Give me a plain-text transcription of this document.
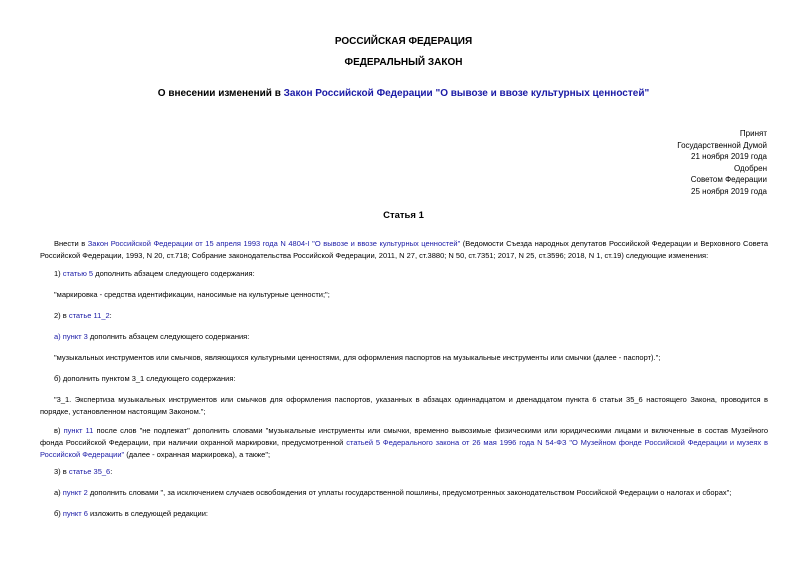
РОССИЙСКАЯ ФЕДЕРАЦИЯ
ФЕДЕРАЛЬНЫЙ ЗАКОН
О внесении изменений в Закон Российской Федерации "О вывозе и ввозе культурных ценностей"
Принят
Государственной Думой
21 ноября 2019 года
Одобрен
Советом Федерации
25 ноября 2019 года
Статья 1
Внести в Закон Российской Федерации от 15 апреля 1993 года N 4804-I "О вывозе и ввозе культурных ценностей" (Ведомости Съезда народных депутатов Российской Федерации и Верховного Совета Российской Федерации, 1993, N 20, ст.718; Собрание законодательства Российской Федерации, 2011, N 27, ст.3880; N 50, ст.7351; 2017, N 25, ст.3596; 2018, N 1, ст.19) следующие изменения:
1) статью 5 дополнить абзацем следующего содержания:
"маркировка - средства идентификации, наносимые на культурные ценности;";
2) в статье 11_2:
а) пункт 3 дополнить абзацем следующего содержания:
"музыкальных инструментов или смычков, являющихся культурными ценностями, для оформления паспортов на музыкальные инструменты или смычки (далее - паспорт).";
б) дополнить пунктом 3_1 следующего содержания:
"3_1. Экспертиза музыкальных инструментов или смычков для оформления паспортов, указанных в абзацах одиннадцатом и двенадцатом пункта 6 статьи 35_6 настоящего Закона, проводится в порядке, установленном настоящим Законом.";
в) пункт 11 после слов "не подлежат" дополнить словами "музыкальные инструменты или смычки, временно вывозимые физическими или юридическими лицами и включенные в состав Музейного фонда Российской Федерации, при наличии охранной маркировки, предусмотренной статьей 5 Федерального закона от 26 мая 1996 года N 54-ФЗ "О Музейном фонде Российской Федерации и музеях в Российской Федерации" (далее - охранная маркировка), а также";
3) в статье 35_6:
а) пункт 2 дополнить словами ", за исключением случаев освобождения от уплаты государственной пошлины, предусмотренных законодательством Российской Федерации о налогах и сборах";
б) пункт 6 изложить в следующей редакции:
